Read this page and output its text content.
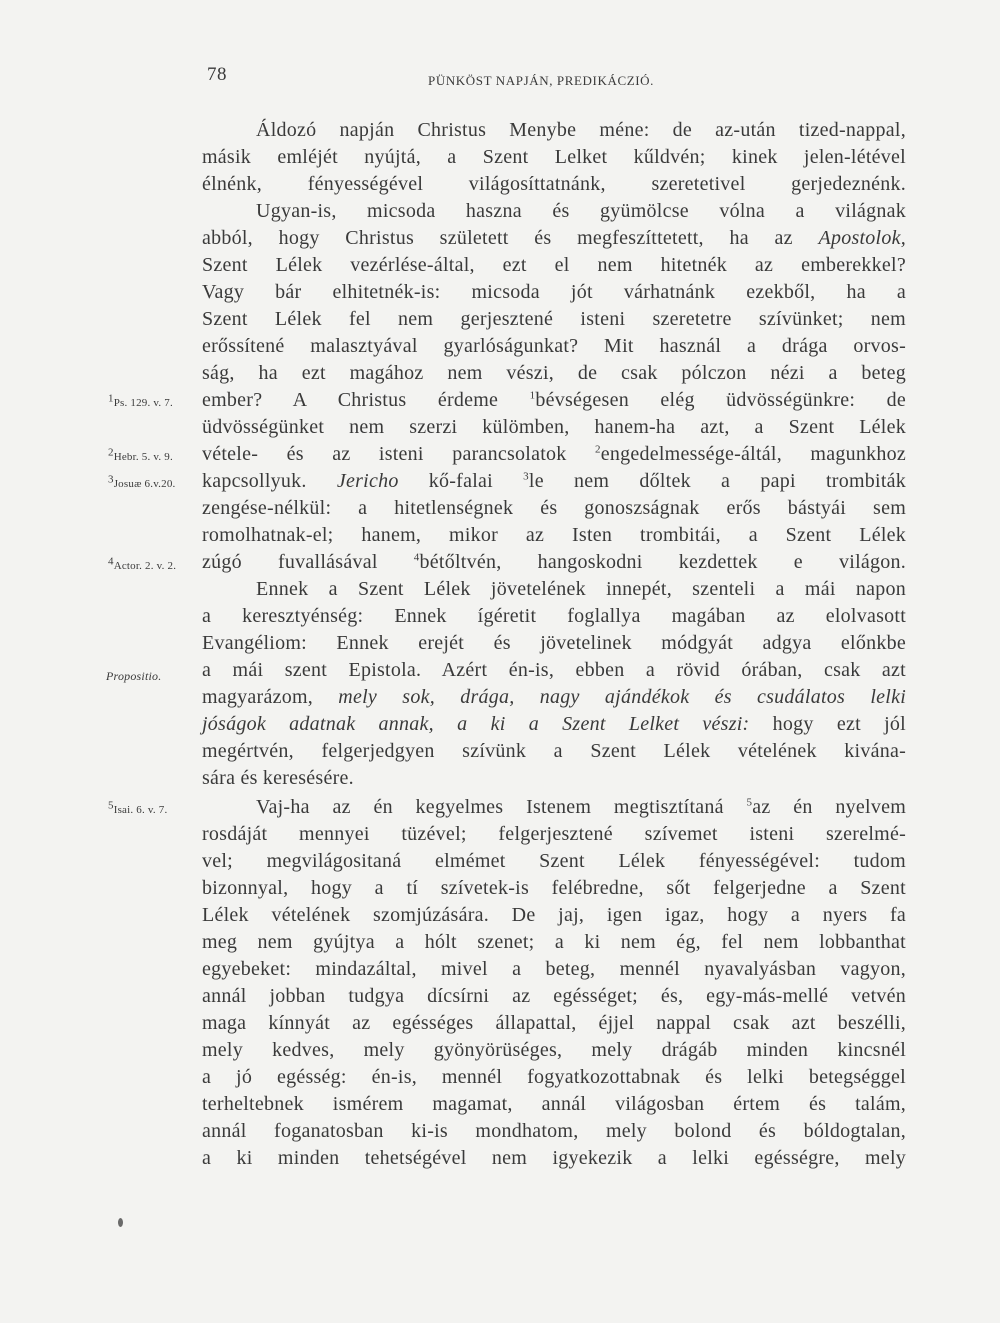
78	PÜNKÖST NAPJÁN, PREDIKÁCZIÓ.
$^1$Ps. 129. v. 7.
$^2$Hebr. 5. v. 9.
$^3$Josuæ 6.v.20.
$^4$Actor. 2. v. 2.
Propositio.
$^5$Isai. 6. v. 7.
Áldozó napján Christus Menybe méne: de az-után tized-nappal,
másik emléjét nyújtá, a Szent Lelket kűldvén; kinek jelen-létével
élnénk, fényességével világosíttatnánk, szeretetivel gerjedeznénk.
Ugyan-is, micsoda haszna és gyümölcse vólna a világnak
abból, hogy Christus született és megfeszíttetett, ha az Apostolok,
Szent Lélek vezérlése-által, ezt el nem hitetnék az emberekkel?
Vagy bár elhitetnék-is: micsoda jót várhatnánk ezekből, ha a
Szent Lélek fel nem gerjesztené isteni szeretetre szívünket; nem
erőssítené malasztyával gyarlóságunkat? Mit használ a drága orvos-
ság, ha ezt magához nem vészi, de csak pólczon nézi a beteg
ember? A Christus érdeme $^1$bévségesen elég üdvösségünkre: de
üdvösségünket nem szerzi külömben, hanem-ha azt, a Szent Lélek
vétele- és az isteni parancsolatok $^2$engedelmessége-áltál, magunkhoz
kapcsollyuk. Jericho kő-falai $^3$le nem dőltek a papi trombiták
zengése-nélkül: a hitetlenségnek és gonoszságnak erős bástyái sem
romolhatnak-el; hanem, mikor az Isten trombitái, a Szent Lélek
zúgó fuvallásával $^4$bétőltvén, hangoskodni kezdettek e világon.
Ennek a Szent Lélek jövetelének innepét, szenteli a mái napon
a keresztyénség: Ennek ígéretit foglallya magában az elolvasott
Evangéliom: Ennek erejét és jövetelinek módgyát adgya előnkbe
a mái szent Epistola. Azért én-is, ebben a rövid órában, csak azt
magyarázom, mely sok, drága, nagy ajándékok és csudálatos lelki
jóságok adatnak annak, a ki a Szent Lelket vészi: hogy ezt jól
megértvén, felgerjedgyen szívünk a Szent Lélek vételének kivána-
sára és keresésére.
Vaj-ha az én kegyelmes Istenem megtisztítaná $^5$az én nyelvem
rosdáját mennyei tüzével; felgerjesztené szívemet isteni szerelmé-
vel; megvilágositaná elmémet Szent Lélek fényességével: tudom
bizonnyal, hogy a tí szívetek-is felébredne, sőt felgerjedne a Szent
Lélek vételének szomjúzására. De jaj, igen igaz, hogy a nyers fa
meg nem gyújtya a hólt szenet; a ki nem ég, fel nem lobbanthat
egyebeket: mindazáltal, mivel a beteg, mennél nyavalyásban vagyon,
annál jobban tudgya dícsírni az egésséget; és, egy-más-mellé vetvén
maga kínnyát az egésséges állapattal, éjjel nappal csak azt beszélli,
mely kedves, mely gyönyörüséges, mely drágáb minden kincsnél
a jó egésség: én-is, mennél fogyatkozottabnak és lelki betegséggel
terheltebnek ismérem magamat, annál világosban értem és talám,
annál foganatosban ki-is mondhatom, mely bolond és bóldogtalan,
a ki minden tehetségével nem igyekezik a lelki egésségre, mely
